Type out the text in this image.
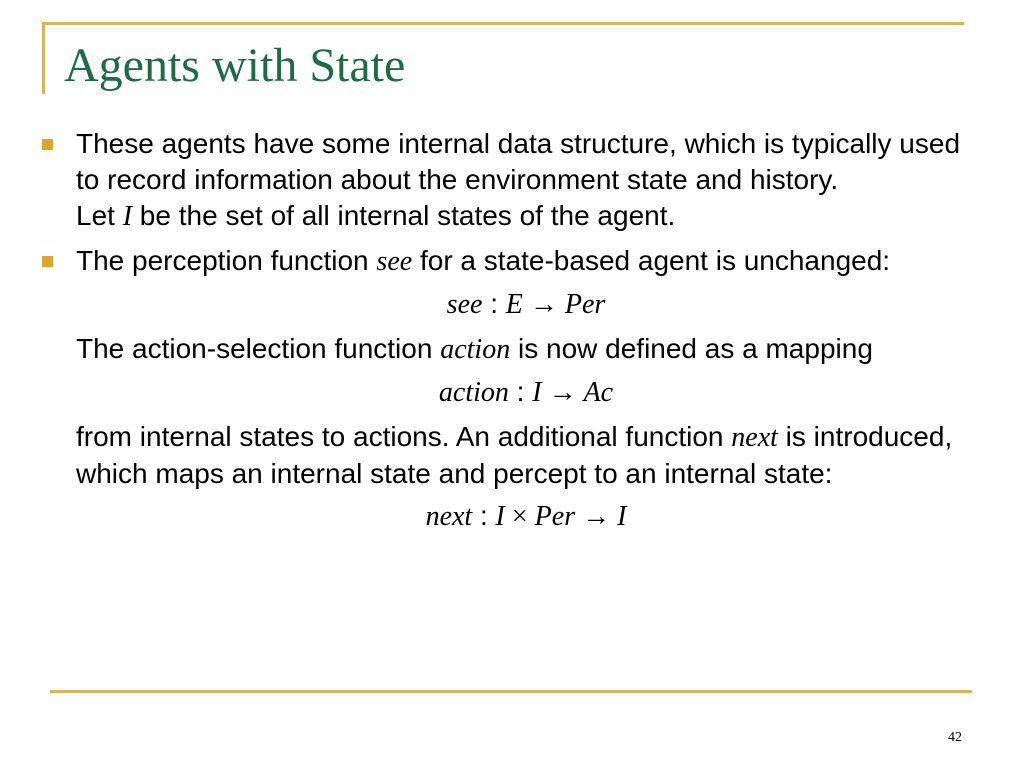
Agents with State
These agents have some internal data structure, which is typically used to record information about the environment state and history.
Let I be the set of all internal states of the agent.
The perception function see for a state-based agent is unchanged:
see : E → Per
The action-selection function action is now defined as a mapping
action : I → Ac
from internal states to actions. An additional function next is introduced, which maps an internal state and percept to an internal state:
next : I × Per → I
42
